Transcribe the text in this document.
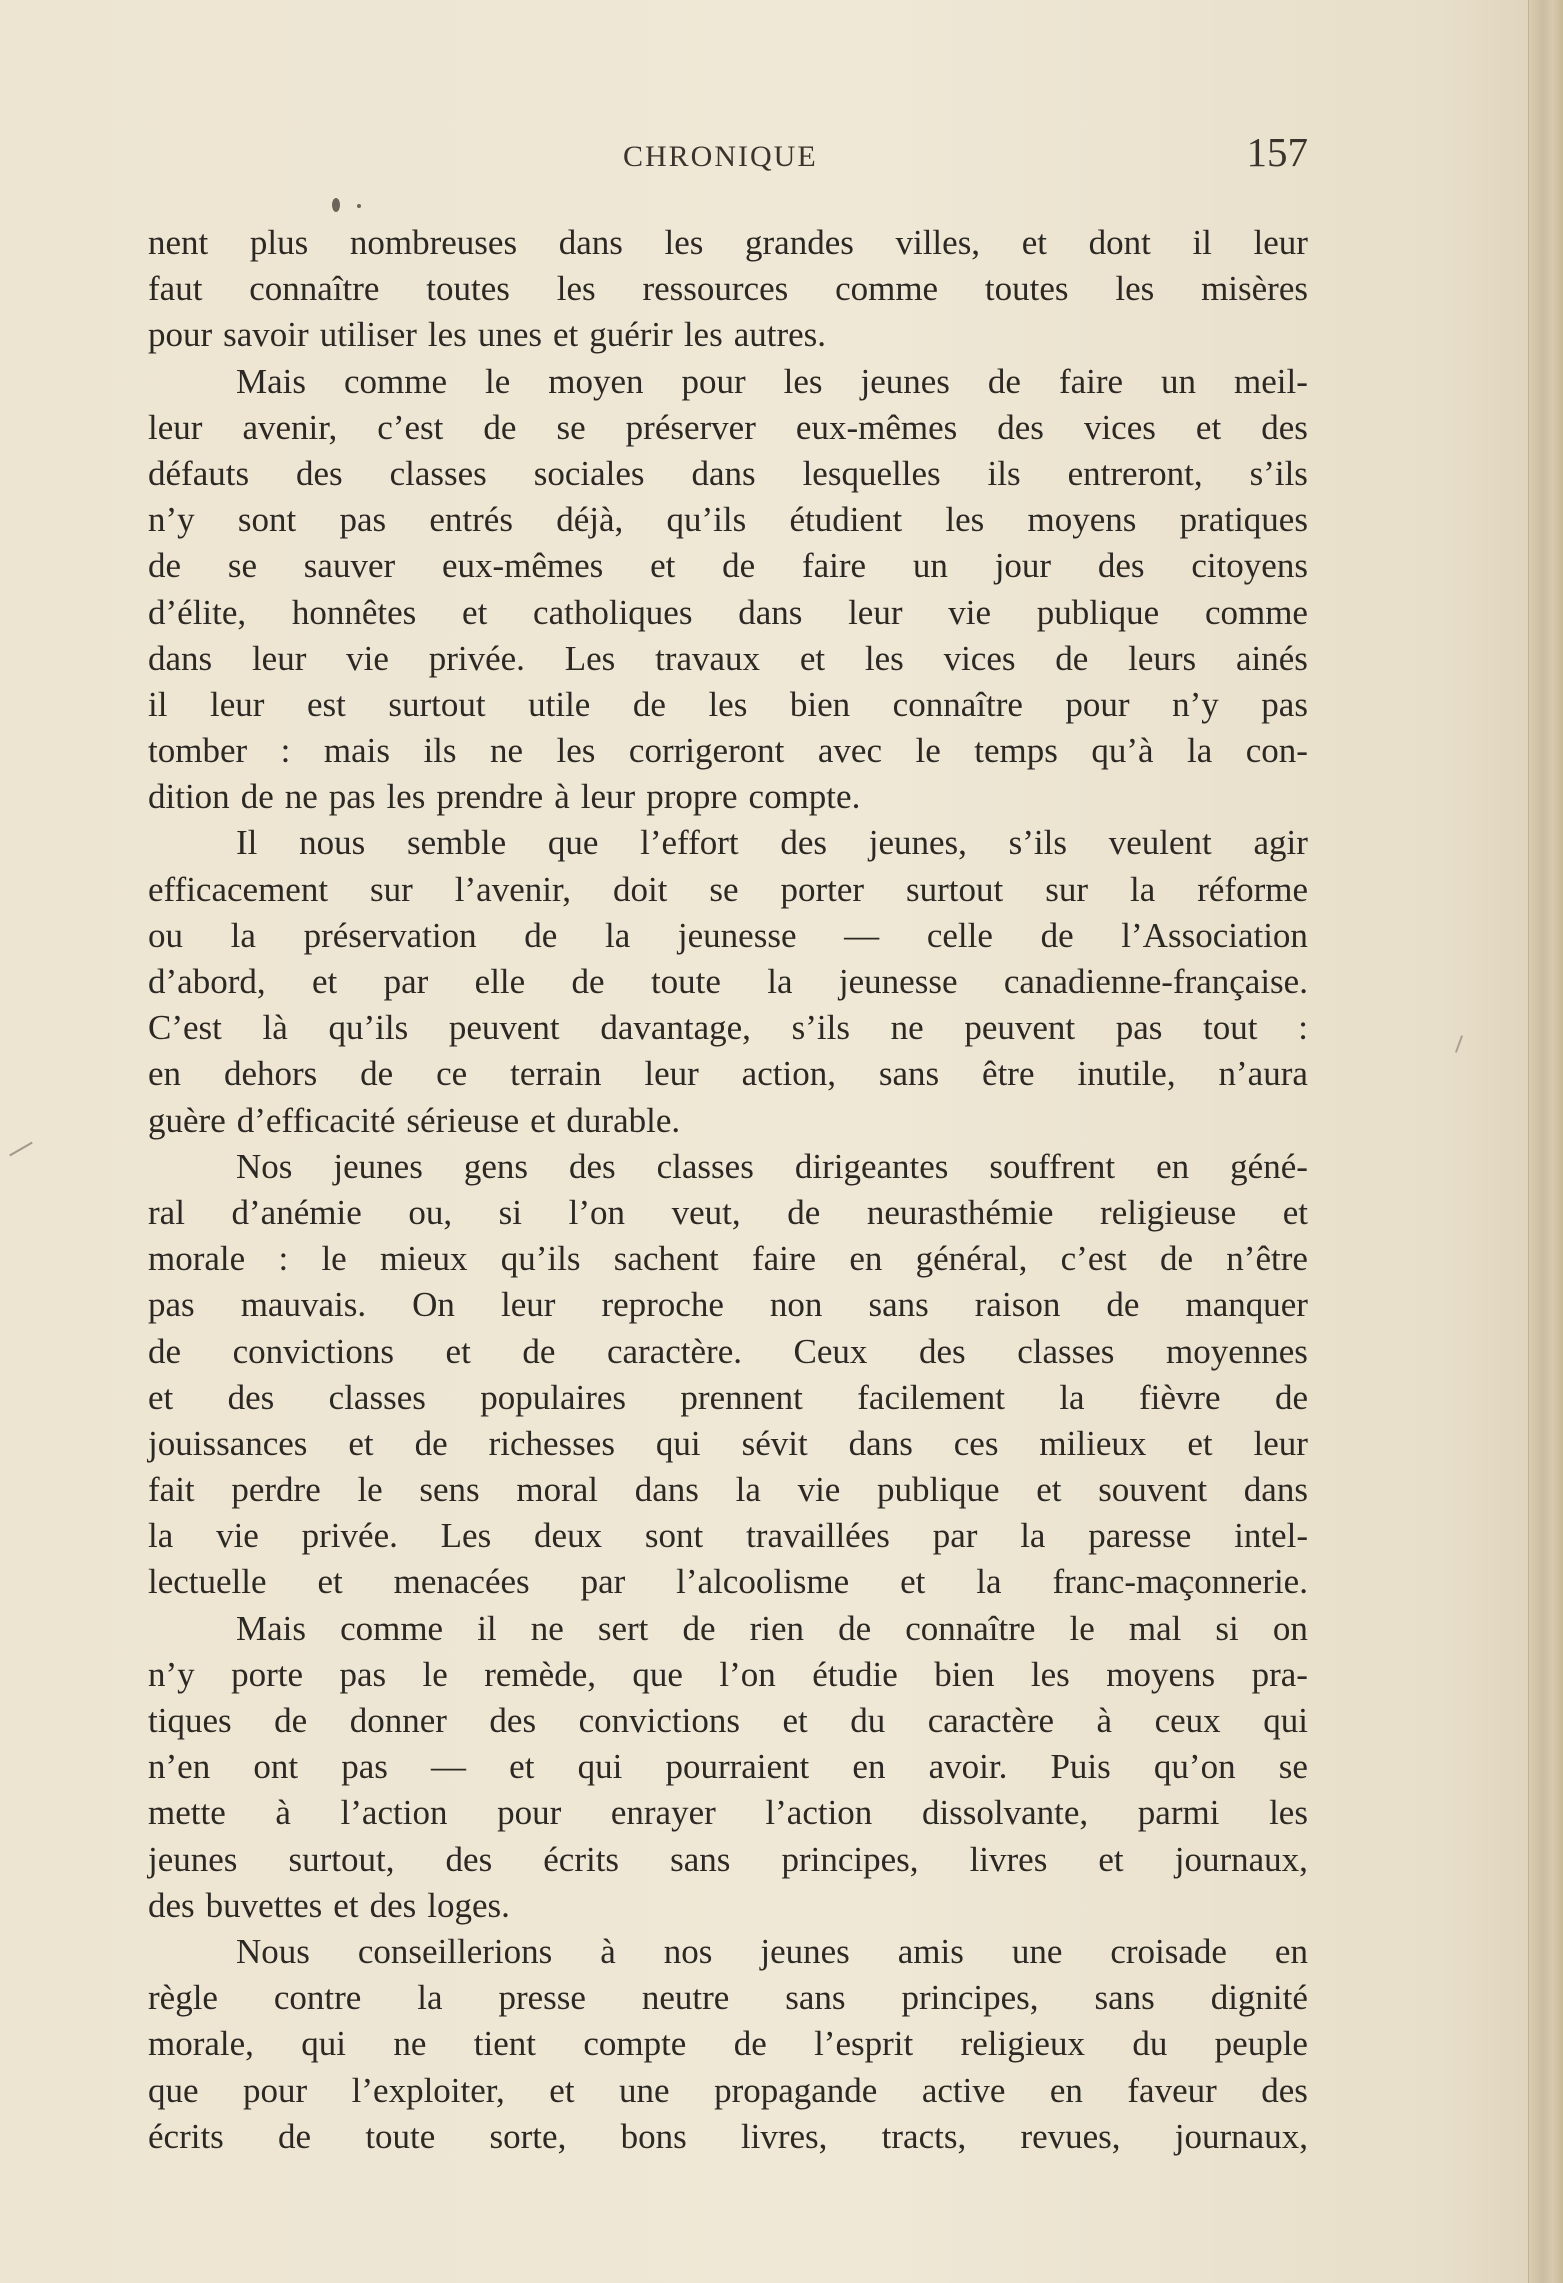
CHRONIQUE	157
nent plus nombreuses dans les grandes villes, et dont il leur
faut connaître toutes les ressources comme toutes les misères
pour savoir utiliser les unes et guérir les autres.
Mais comme le moyen pour les jeunes de faire un meil-
leur avenir, c’est de se préserver eux-mêmes des vices et des
défauts des classes sociales dans lesquelles ils entreront, s’ils
n’y sont pas entrés déjà, qu’ils étudient les moyens pratiques
de se sauver eux-mêmes et de faire un jour des citoyens
d’élite, honnêtes et catholiques dans leur vie publique comme
dans leur vie privée. Les travaux et les vices de leurs ainés
il leur est surtout utile de les bien connaître pour n’y pas
tomber : mais ils ne les corrigeront avec le temps qu’à la con-
dition de ne pas les prendre à leur propre compte.
Il nous semble que l’effort des jeunes, s’ils veulent agir
efficacement sur l’avenir, doit se porter surtout sur la réforme
ou la préservation de la jeunesse — celle de l’Association
d’abord, et par elle de toute la jeunesse canadienne-française.
C’est là qu’ils peuvent davantage, s’ils ne peuvent pas tout :
en dehors de ce terrain leur action, sans être inutile, n’aura
guère d’efficacité sérieuse et durable.
Nos jeunes gens des classes dirigeantes souffrent en géné-
ral d’anémie ou, si l’on veut, de neurasthémie religieuse et
morale : le mieux qu’ils sachent faire en général, c’est de n’être
pas mauvais. On leur reproche non sans raison de manquer
de convictions et de caractère. Ceux des classes moyennes
et des classes populaires prennent facilement la fièvre de
jouissances et de richesses qui sévit dans ces milieux et leur
fait perdre le sens moral dans la vie publique et souvent dans
la vie privée. Les deux sont travaillées par la paresse intel-
lectuelle et menacées par l’alcoolisme et la franc-maçonnerie.
Mais comme il ne sert de rien de connaître le mal si on
n’y porte pas le remède, que l’on étudie bien les moyens pra-
tiques de donner des convictions et du caractère à ceux qui
n’en ont pas — et qui pourraient en avoir. Puis qu’on se
mette à l’action pour enrayer l’action dissolvante, parmi les
jeunes surtout, des écrits sans principes, livres et journaux,
des buvettes et des loges.
Nous conseillerions à nos jeunes amis une croisade en
règle contre la presse neutre sans principes, sans dignité
morale, qui ne tient compte de l’esprit religieux du peuple
que pour l’exploiter, et une propagande active en faveur des
écrits de toute sorte, bons livres, tracts, revues, journaux,
